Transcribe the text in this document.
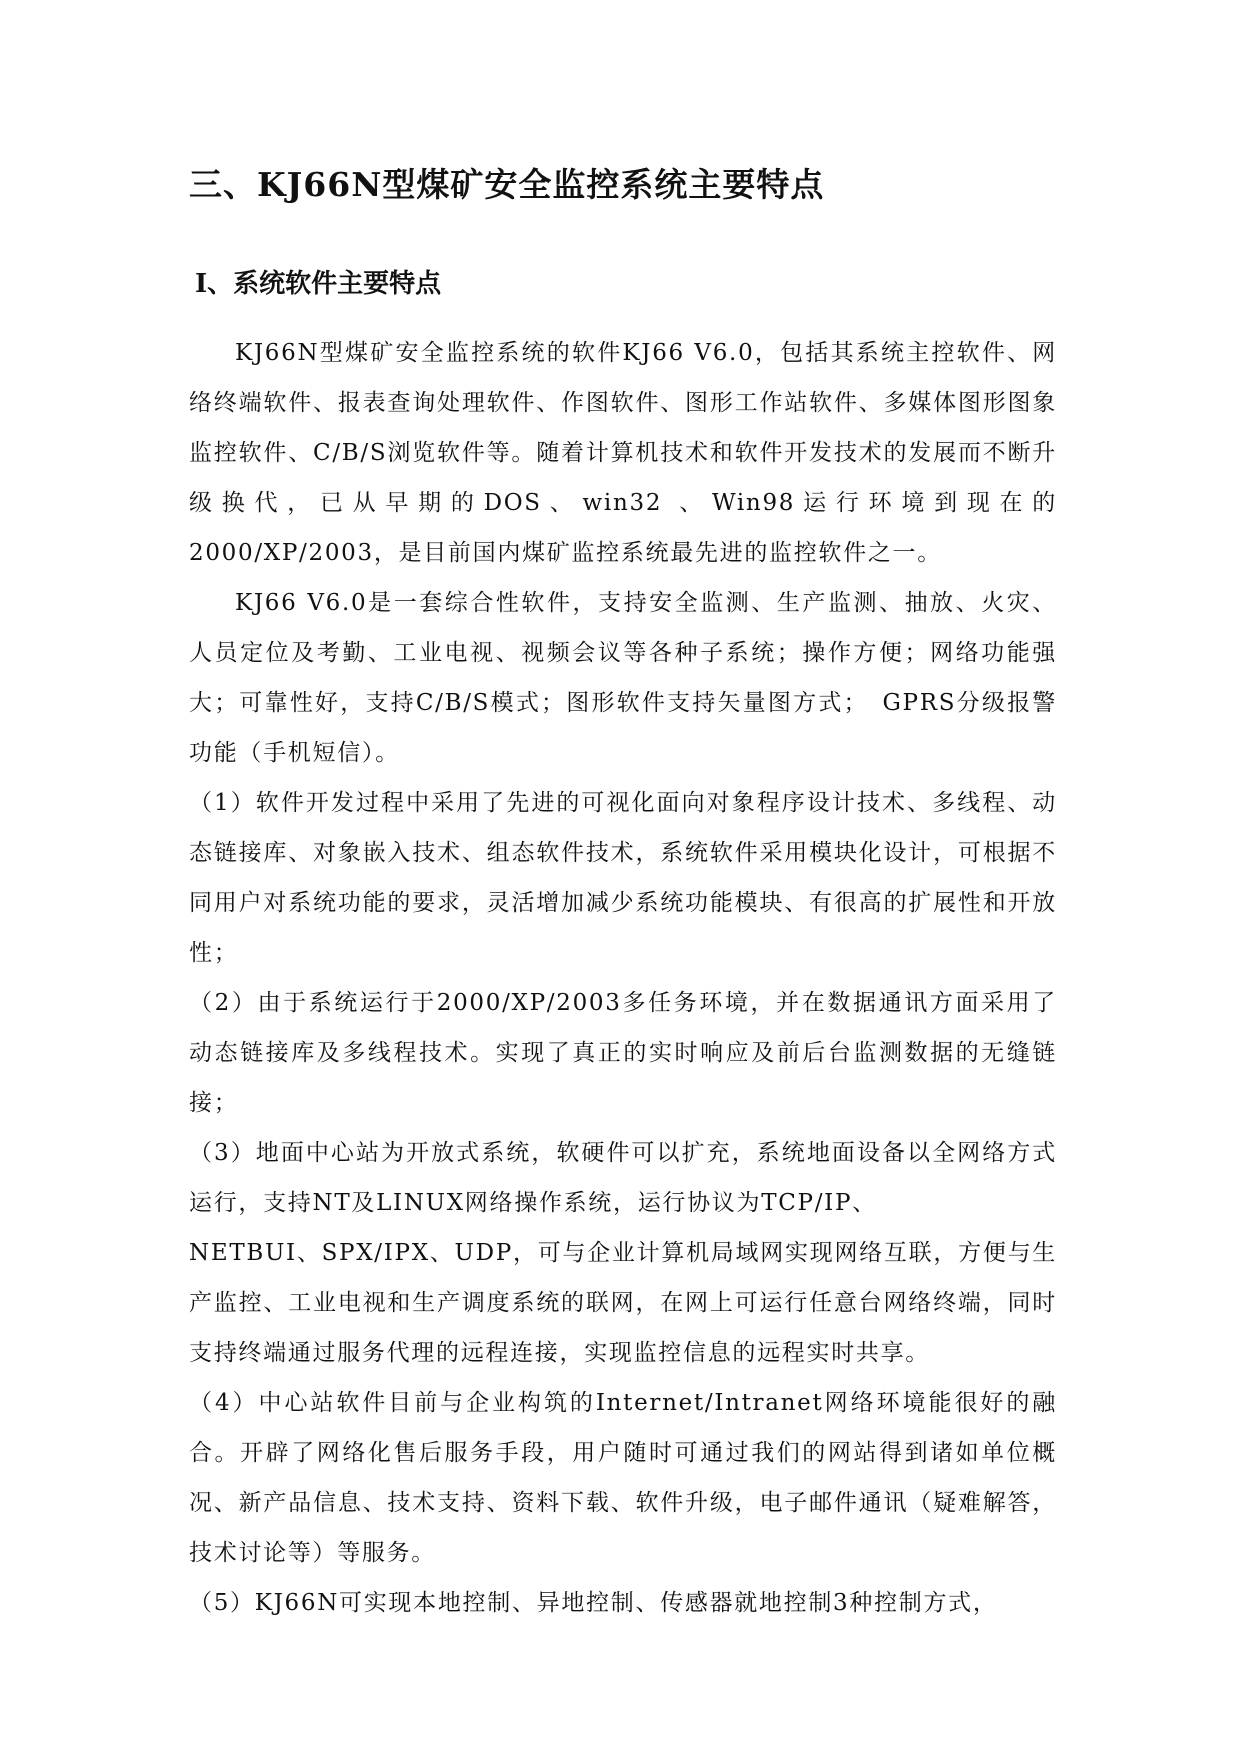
三、KJ66N型煤矿安全监控系统主要特点
Ⅰ、系统软件主要特点

KJ66N型煤矿安全监控系统的软件KJ66 V6.0，包括其系统主控软件、网络终端软件、报表查询处理软件、作图软件、图形工作站软件、多媒体图形图象监控软件、C/B/S浏览软件等。随着计算机技术和软件开发技术的发展而不断升级换代，已从早期的DOS、win32 、Win98运行环境到现在的2000/XP/2003，是目前国内煤矿监控系统最先进的监控软件之一。

KJ66 V6.0是一套综合性软件，支持安全监测、生产监测、抽放、火灾、人员定位及考勤、工业电视、视频会议等各种子系统；操作方便；网络功能强大；可靠性好，支持C/B/S模式；图形软件支持矢量图方式；　GPRS分级报警功能（手机短信）。

（1）软件开发过程中采用了先进的可视化面向对象程序设计技术、多线程、动态链接库、对象嵌入技术、组态软件技术，系统软件采用模块化设计，可根据不同用户对系统功能的要求，灵活增加减少系统功能模块、有很高的扩展性和开放性；

（2）由于系统运行于2000/XP/2003多任务环境，并在数据通讯方面采用了动态链接库及多线程技术。实现了真正的实时响应及前后台监测数据的无缝链接；

（3）地面中心站为开放式系统，软硬件可以扩充，系统地面设备以全网络方式运行，支持NT及LINUX网络操作系统，运行协议为TCP/IP、

NETBUI、SPX/IPX、UDP，可与企业计算机局域网实现网络互联，方便与生产监控、工业电视和生产调度系统的联网，在网上可运行任意台网络终端，同时支持终端通过服务代理的远程连接，实现监控信息的远程实时共享。

（4）中心站软件目前与企业构筑的Internet/Intranet网络环境能很好的融合。开辟了网络化售后服务手段，用户随时可通过我们的网站得到诸如单位概况、新产品信息、技术支持、资料下载、软件升级，电子邮件通讯（疑难解答，技术讨论等）等服务。

（5）KJ66N可实现本地控制、异地控制、传感器就地控制3种控制方式，
